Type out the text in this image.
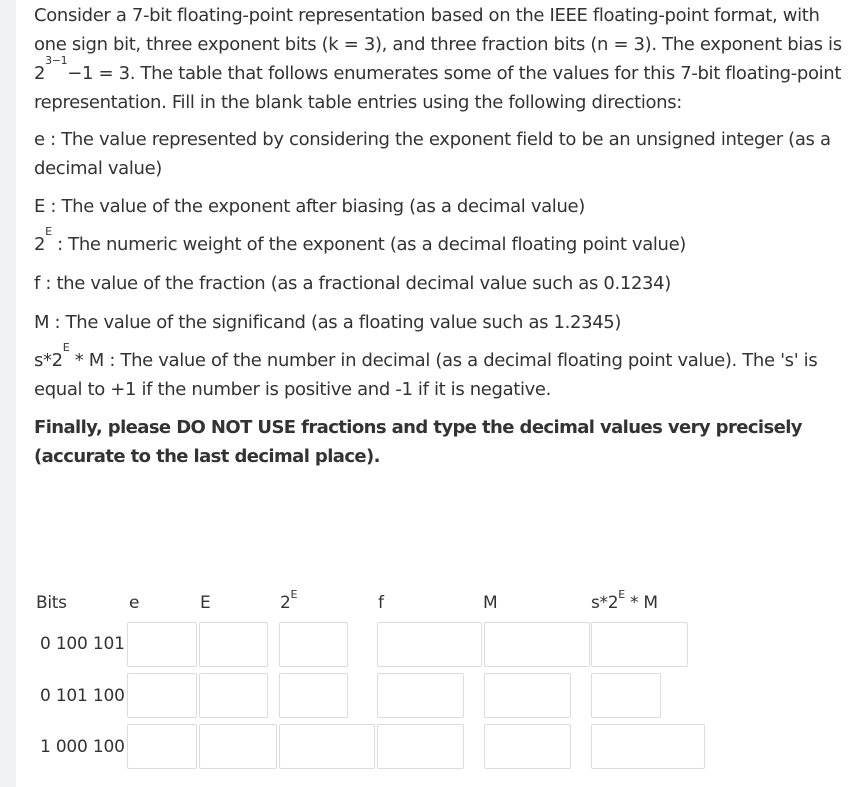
Consider a 7-bit floating-point representation based on the IEEE floating-point format, with one sign bit, three exponent bits (k = 3), and three fraction bits (n = 3). The exponent bias is $2^{3-1}-1 = 3$. The table that follows enumerates some of the values for this 7-bit floating-point representation. Fill in the blank table entries using the following directions:

e : The value represented by considering the exponent field to be an unsigned integer (as a decimal value)

E : The value of the exponent after biasing (as a decimal value)

$2^E$ : The numeric weight of the exponent (as a decimal floating point value)

f : the value of the fraction (as a fractional decimal value such as 0.1234)

M : The value of the significand (as a floating value such as 1.2345)

$s*2^E$ * M : The value of the number in decimal (as a decimal floating point value). The 's' is equal to +1 if the number is positive and -1 if it is negative.

Finally, please DO NOT USE fractions and type the decimal values very precisely (accurate to the last decimal place).

Bits	e	E	$2^E$	f	M	$s*2^E$ * M
0 100 101
0 101 100
1 000 100
